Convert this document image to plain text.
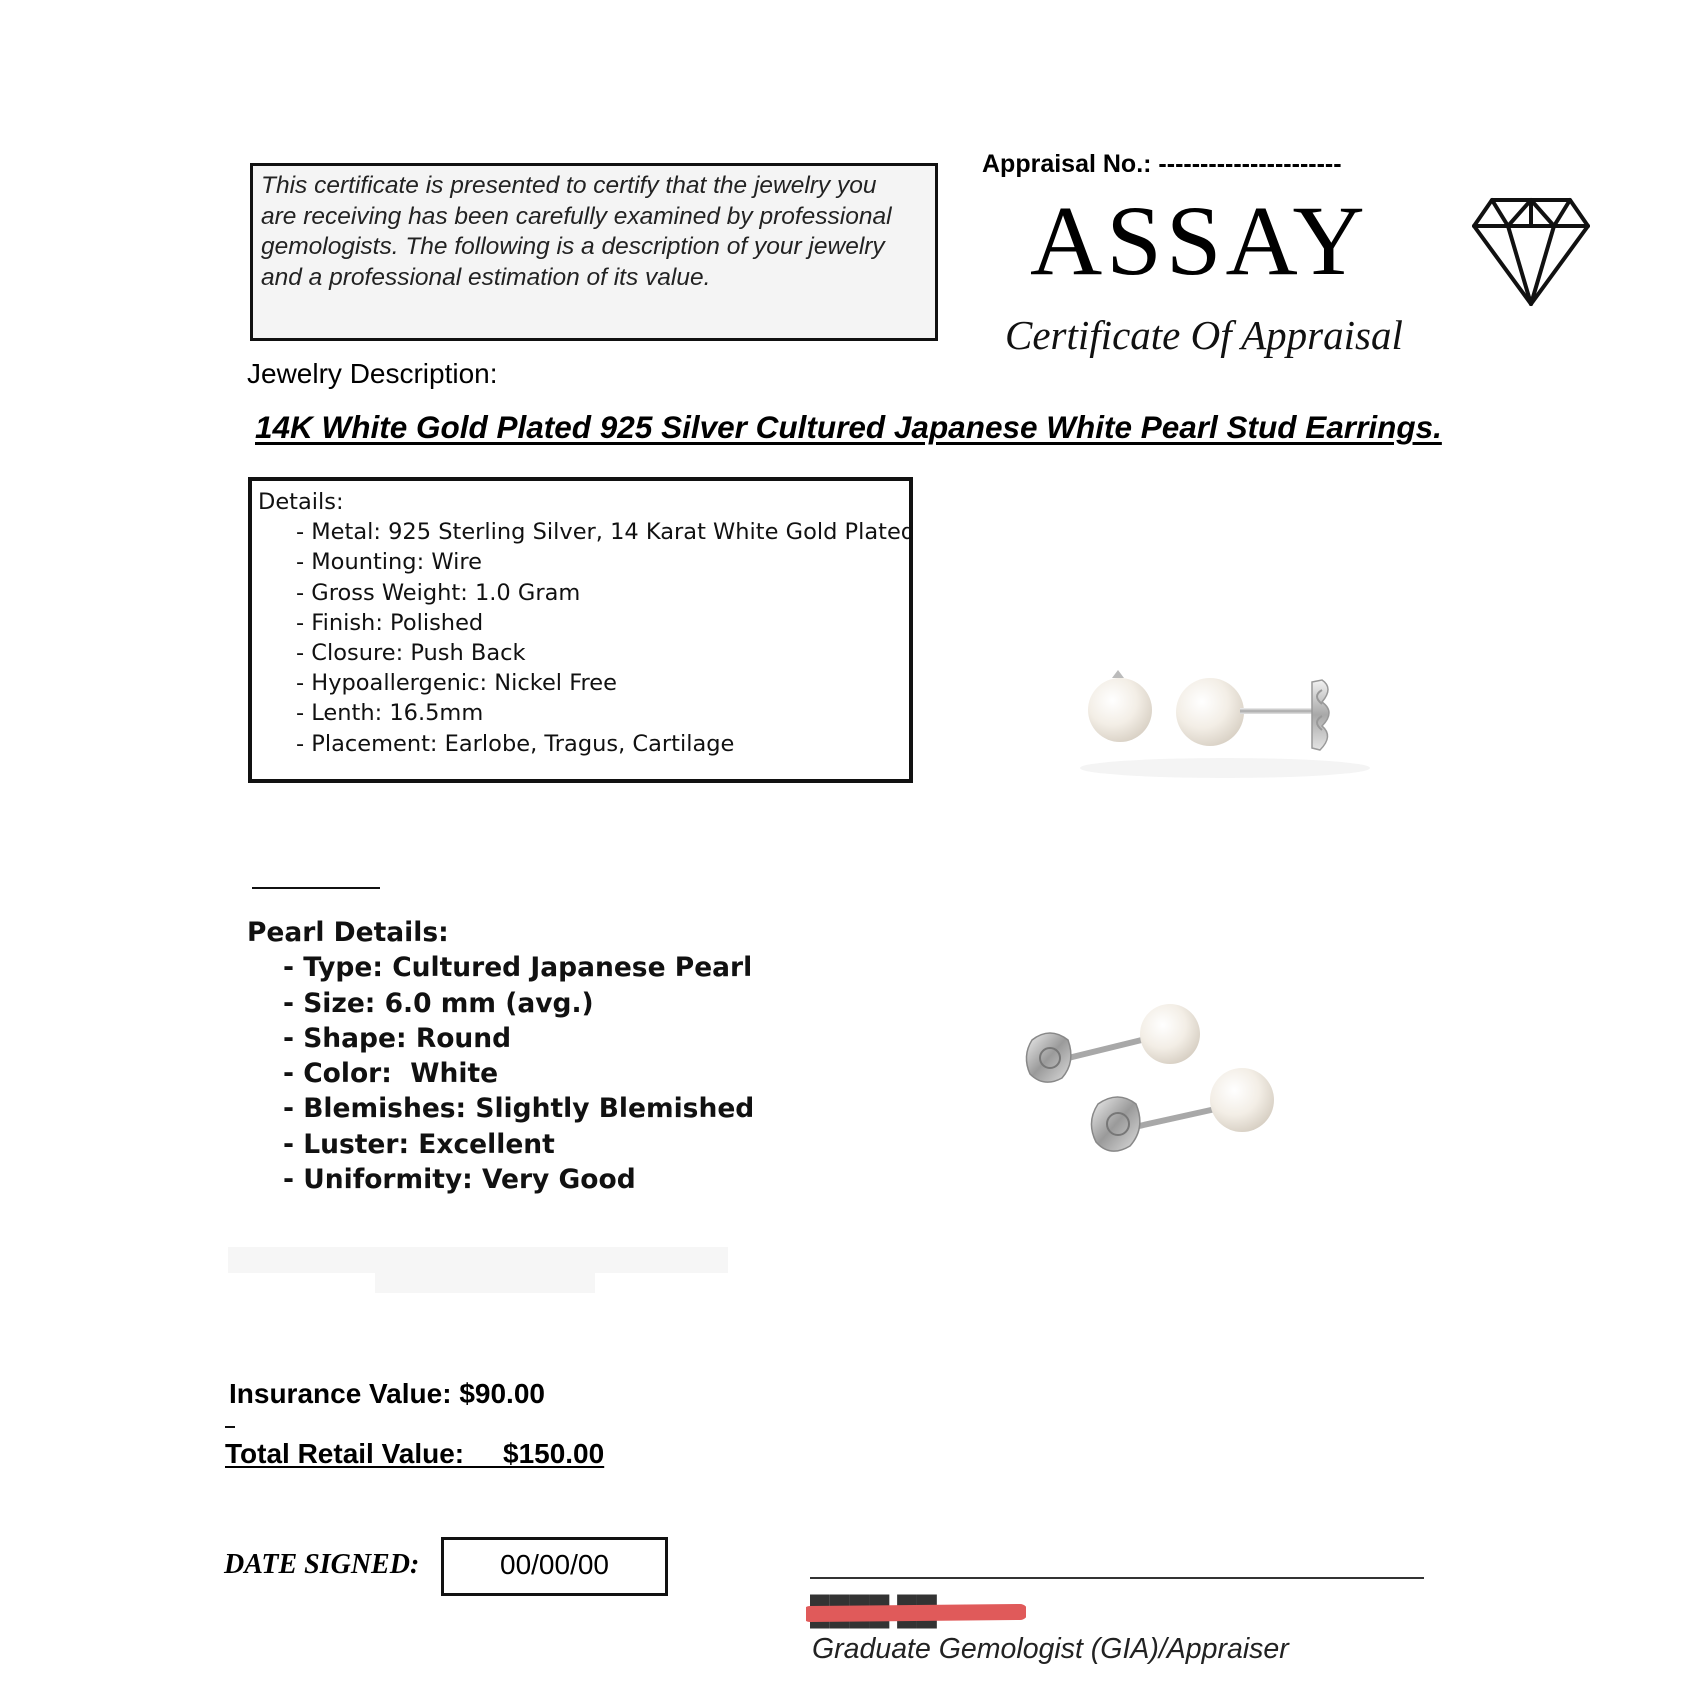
This certificate is presented to certify that the jewelry you
are receiving has been carefully examined by professional
gemologists. The following is a description of your jewelry
and a professional estimation of its value.
Appraisal No.: ----------------------
ASSAY
Certificate Of Appraisal
Jewelry Description:
14K White Gold Plated 925 Silver Cultured Japanese White Pearl Stud Earrings.
Details:
- Metal: 925 Sterling Silver, 14 Karat White Gold Plated
- Mounting: Wire
- Gross Weight: 1.0 Gram
- Finish: Polished
- Closure: Push Back
- Hypoallergenic: Nickel Free
- Lenth: 16.5mm
- Placement: Earlobe, Tragus, Cartilage
Pearl Details:
- Type: Cultured Japanese Pearl
- Size: 6.0 mm (avg.)
- Shape: Round
- Color:  White
- Blemishes: Slightly Blemished
- Luster: Excellent
- Uniformity: Very Good
Insurance Value: $90.00
Total Retail Value:     $150.00
DATE SIGNED:	00/00/00
Graduate Gemologist (GIA)/Appraiser
